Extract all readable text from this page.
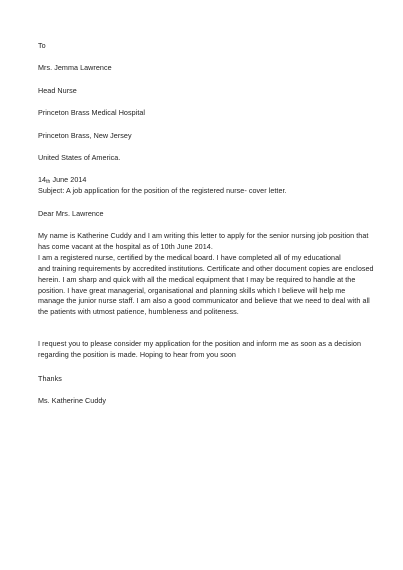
To
Mrs. Jemma Lawrence
Head Nurse
Princeton Brass Medical Hospital
Princeton Brass, New Jersey
United States of America.
14th June 2014
Subject: A job application for the position of the registered nurse- cover letter.
Dear Mrs. Lawrence
My name is Katherine Cuddy and I am writing this letter to apply for the senior nursing job position that
has come vacant at the hospital as of 10th June 2014.
I am a registered nurse, certified by the medical board. I have completed all of my educational
and training requirements by accredited institutions. Certificate and other document copies are enclosed
herein. I am sharp and quick with all the medical equipment that I may be required to handle at the
position. I have great managerial, organisational and planning skills which I believe will help me
manage the junior nurse staff. I am also a good communicator and believe that we need to deal with all
the patients with utmost patience, humbleness and politeness.
I request you to please consider my application for the position and inform me as soon as a decision
regarding the position is made. Hoping to hear from you soon
Thanks
Ms. Katherine Cuddy
